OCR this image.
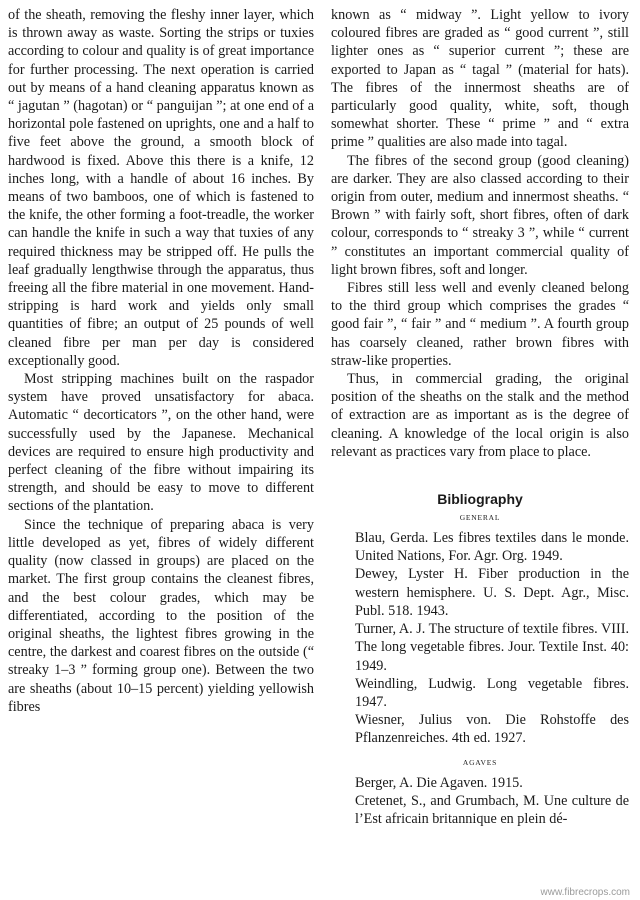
of the sheath, removing the fleshy inner layer, which is thrown away as waste. Sorting the strips or tuxies according to colour and quality is of great importance for further processing. The next operation is carried out by means of a hand cleaning apparatus known as “ jagutan ” (hagotan) or “ panguijan ”; at one end of a horizontal pole fastened on uprights, one and a half to five feet above the ground, a smooth block of hardwood is fixed. Above this there is a knife, 12 inches long, with a handle of about 16 inches. By means of two bamboos, one of which is fastened to the knife, the other forming a foot-treadle, the worker can handle the knife in such a way that tuxies of any required thickness may be stripped off. He pulls the leaf gradually lengthwise through the apparatus, thus freeing all the fibre material in one movement. Hand-stripping is hard work and yields only small quantities of fibre; an output of 25 pounds of well cleaned fibre per man per day is considered exceptionally good.

Most stripping machines built on the raspador system have proved unsatisfactory for abaca. Automatic “ decorticators ”, on the other hand, were successfully used by the Japanese. Mechanical devices are required to ensure high productivity and perfect cleaning of the fibre without impairing its strength, and should be easy to move to different sections of the plantation.

Since the technique of preparing abaca is very little developed as yet, fibres of widely different quality (now classed in groups) are placed on the market. The first group contains the cleanest fibres, and the best colour grades, which may be differentiated, according to the position of the original sheaths, the lightest fibres growing in the centre, the darkest and coarest fibres on the outside (“ streaky 1–3 ” forming group one). Between the two are sheaths (about 10–15 percent) yielding yellowish fibres

known as “ midway ”. Light yellow to ivory coloured fibres are graded as “ good current ”, still lighter ones as “ superior current ”; these are exported to Japan as “ tagal ” (material for hats). The fibres of the innermost sheaths are of particularly good quality, white, soft, though somewhat shorter. These “ prime ” and “ extra prime ” qualities are also made into tagal.

The fibres of the second group (good cleaning) are darker. They are also classed according to their origin from outer, medium and innermost sheaths. “ Brown ” with fairly soft, short fibres, often of dark colour, corresponds to “ streaky 3 ”, while “ current ” constitutes an important commercial quality of light brown fibres, soft and longer.

Fibres still less well and evenly cleaned belong to the third group which comprises the grades “ good fair ”, “ fair ” and “ medium ”. A fourth group has coarsely cleaned, rather brown fibres with straw-like properties.

Thus, in commercial grading, the original position of the sheaths on the stalk and the method of extraction are as important as is the degree of cleaning. A knowledge of the local origin is also relevant as practices vary from place to place.

Bibliography
GENERAL

Blau, Gerda. Les fibres textiles dans le monde. United Nations, For. Agr. Org. 1949.

Dewey, Lyster H. Fiber production in the western hemisphere. U. S. Dept. Agr., Misc. Publ. 518. 1943.

Turner, A. J. The structure of textile fibres. VIII. The long vegetable fibres. Jour. Textile Inst. 40: 1949.

Weindling, Ludwig. Long vegetable fibres. 1947.

Wiesner, Julius von. Die Rohstoffe des Pflanzenreiches. 4th ed. 1927.

AGAVES

Berger, A. Die Agaven. 1915.

Cretenet, S., and Grumbach, M. Une culture de l’Est africain britannique en plein dé-

www.fibrecrops.com
